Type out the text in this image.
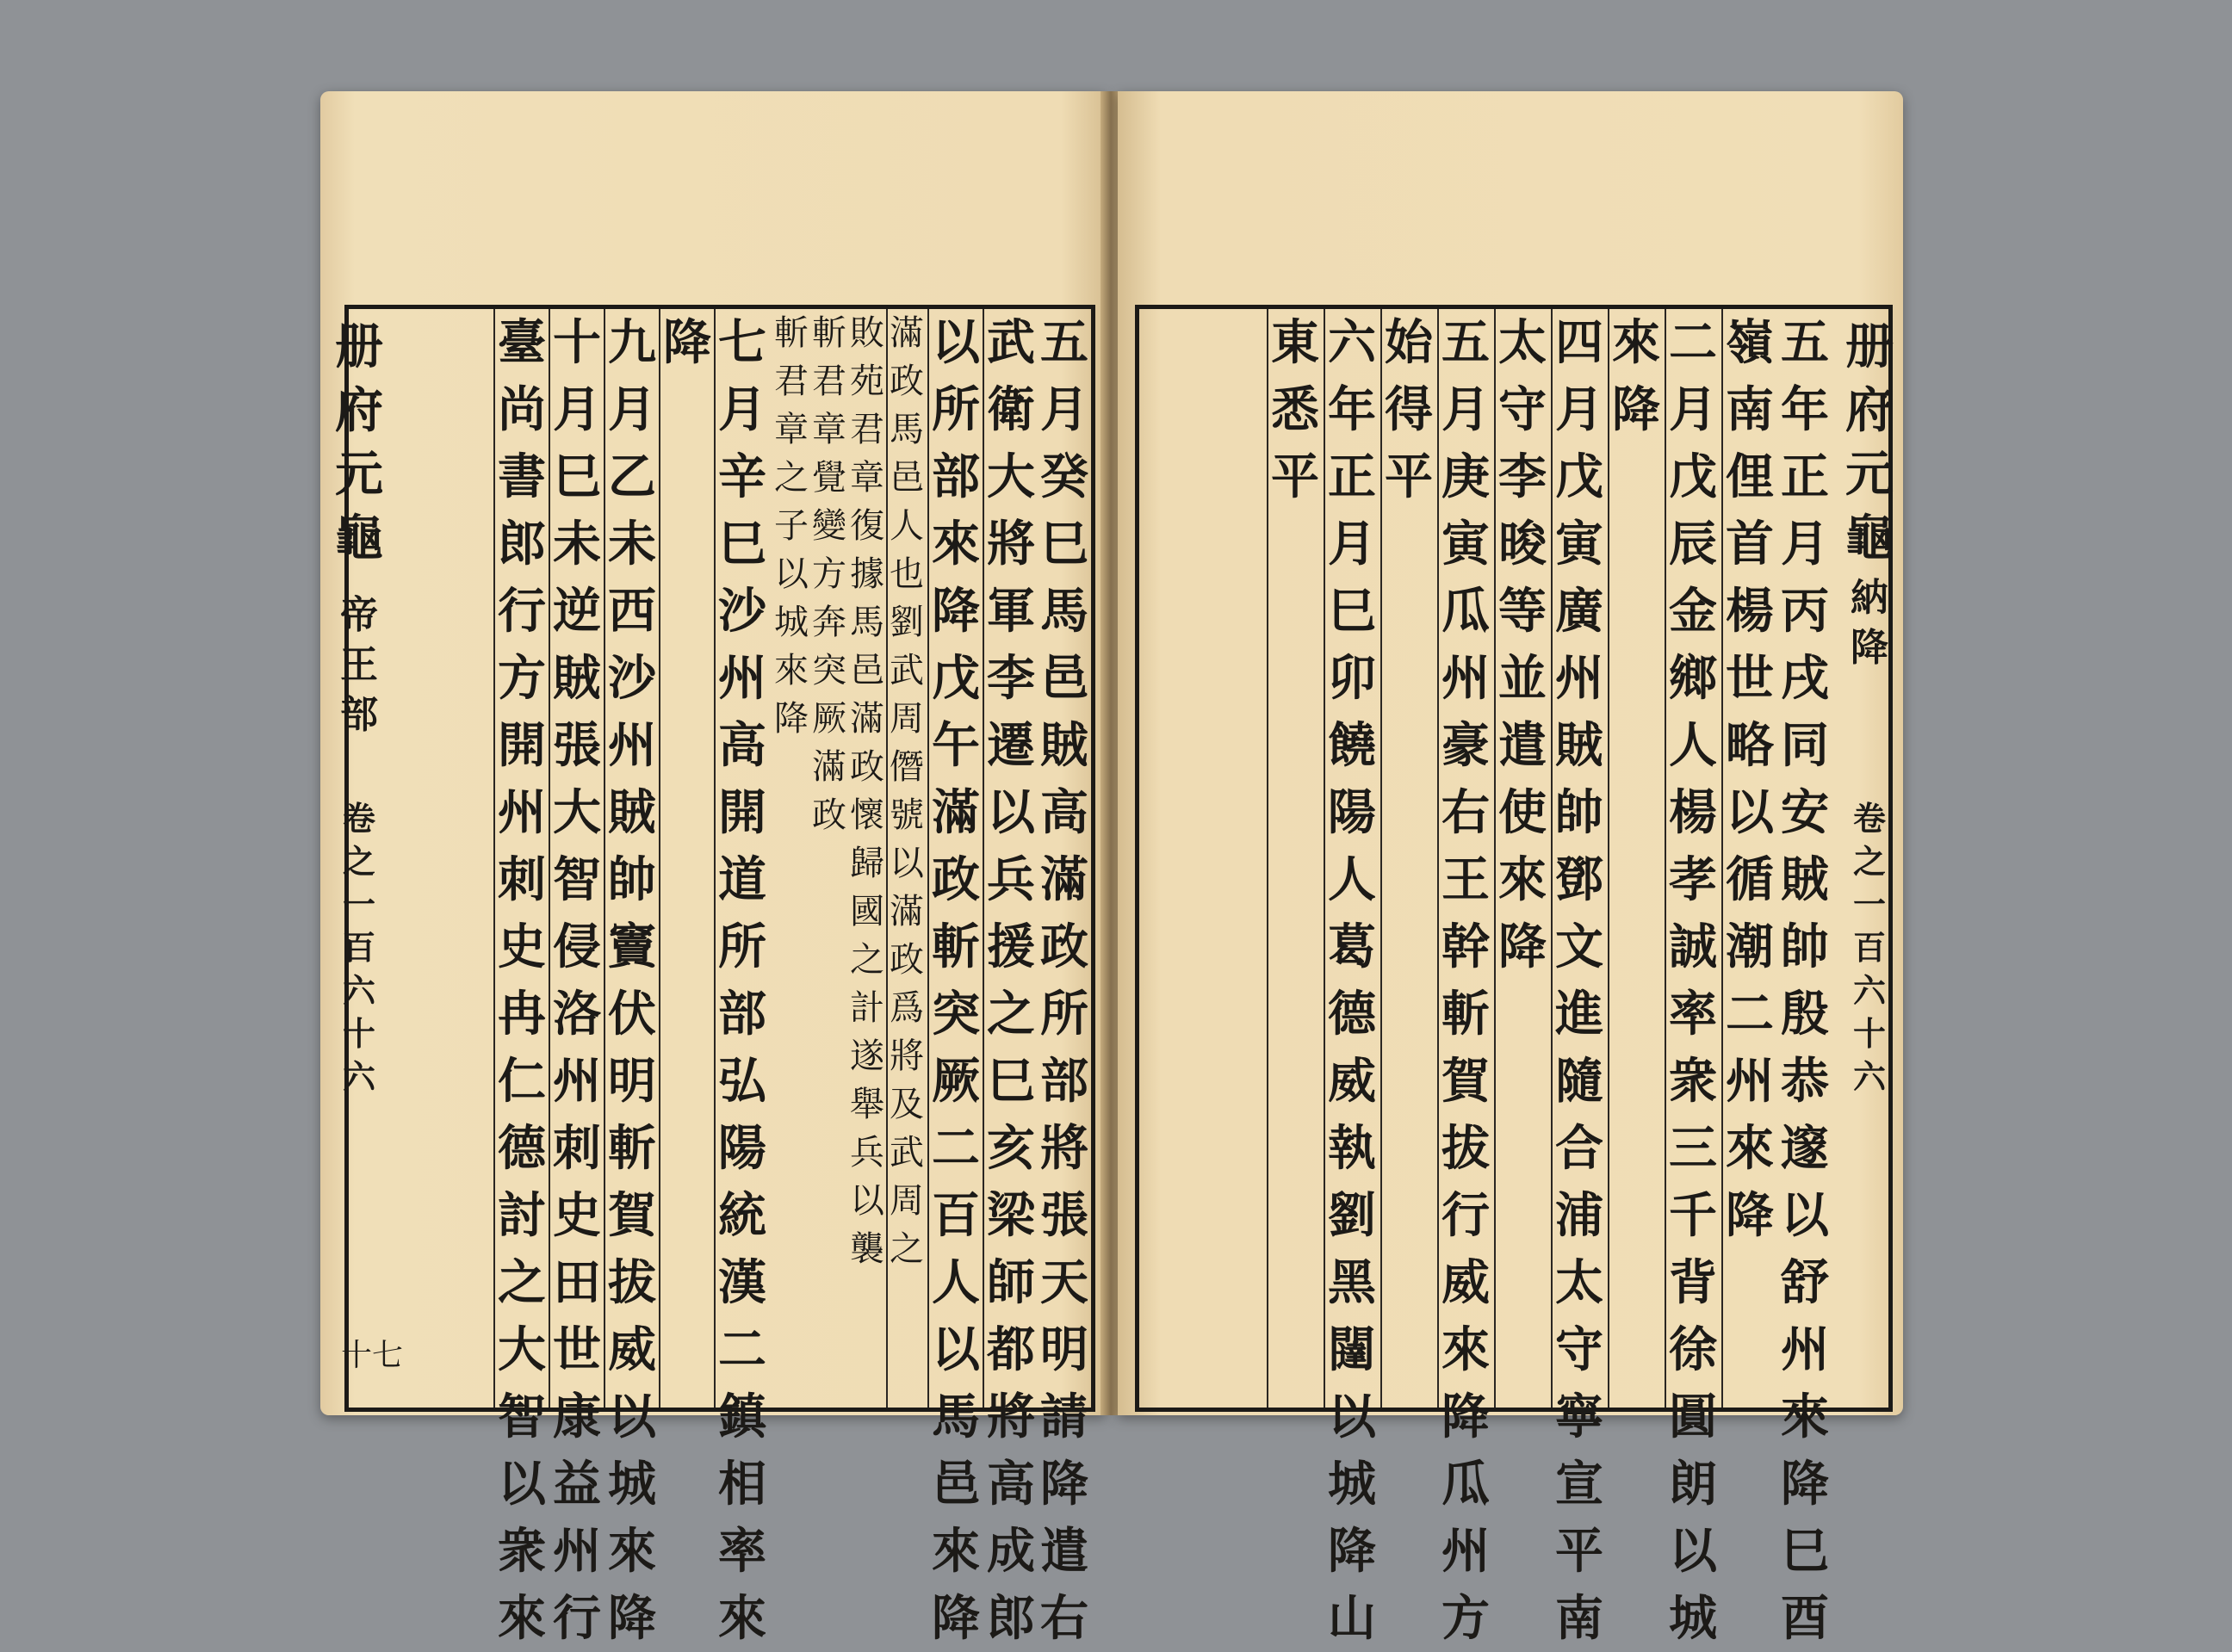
五
月
癸
巳
馬
邑
賊
高
滿
政
所
部
將
張
天
明
請
降
遣
右
武
衛
大
將
軍
李
遷
以
兵
援
之
巳
亥
梁
師
都
將
高
成
郎
以
所
部
來
降
戊
午
滿
政
斬
突
厥
二
百
人
以
馬
邑
來
降
滿
政
馬
邑
人
也
劉
武
周
僭
號
以
滿
政
爲
將
及
武
周
之
敗
苑
君
章
復
據
馬
邑
滿
政
懷
歸
國
之
計
遂
舉
兵
以
襲
斬
君
章
覺
變
方
奔
突
厥
滿
政
斬
君
章
之
子
以
城
來
降
七
月
辛
巳
沙
州
高
開
道
所
部
弘
陽
統
漢
二
鎮
相
率
來
降
九
月
乙
未
西
沙
州
賊
帥
竇
伏
明
斬
賀
拔
威
以
城
來
降
十
月
巳
未
逆
賊
張
大
智
侵
洛
州
刺
史
田
世
康
益
州
行
臺
尚
書
郎
行
方
開
州
刺
史
冉
仁
德
討
之
大
智
以
衆
來
册
府
元
龜
帝
王
部
卷
之
一
百
六
十
六
十七
册
府
元
龜
納
降
卷
之
一
百
六
十
六
五
年
正
月
丙
戌
同
安
賊
帥
殷
恭
邃
以
舒
州
來
降
巳
酉
嶺
南
俚
首
楊
世
略
以
循
潮
二
州
來
降
二
月
戊
辰
金
鄉
人
楊
孝
誠
率
衆
三
千
背
徐
圓
朗
以
城
來
降
四
月
戊
寅
廣
州
賊
帥
鄧
文
進
隨
合
浦
太
守
寧
宣
平
南
太
守
李
晙
等
並
遣
使
來
降
五
月
庚
寅
瓜
州
豪
右
王
幹
斬
賀
拔
行
威
來
降
瓜
州
方
始
得
平
六
年
正
月
巳
卯
饒
陽
人
葛
德
威
執
劉
黑
闥
以
城
降
山
東
悉
平
